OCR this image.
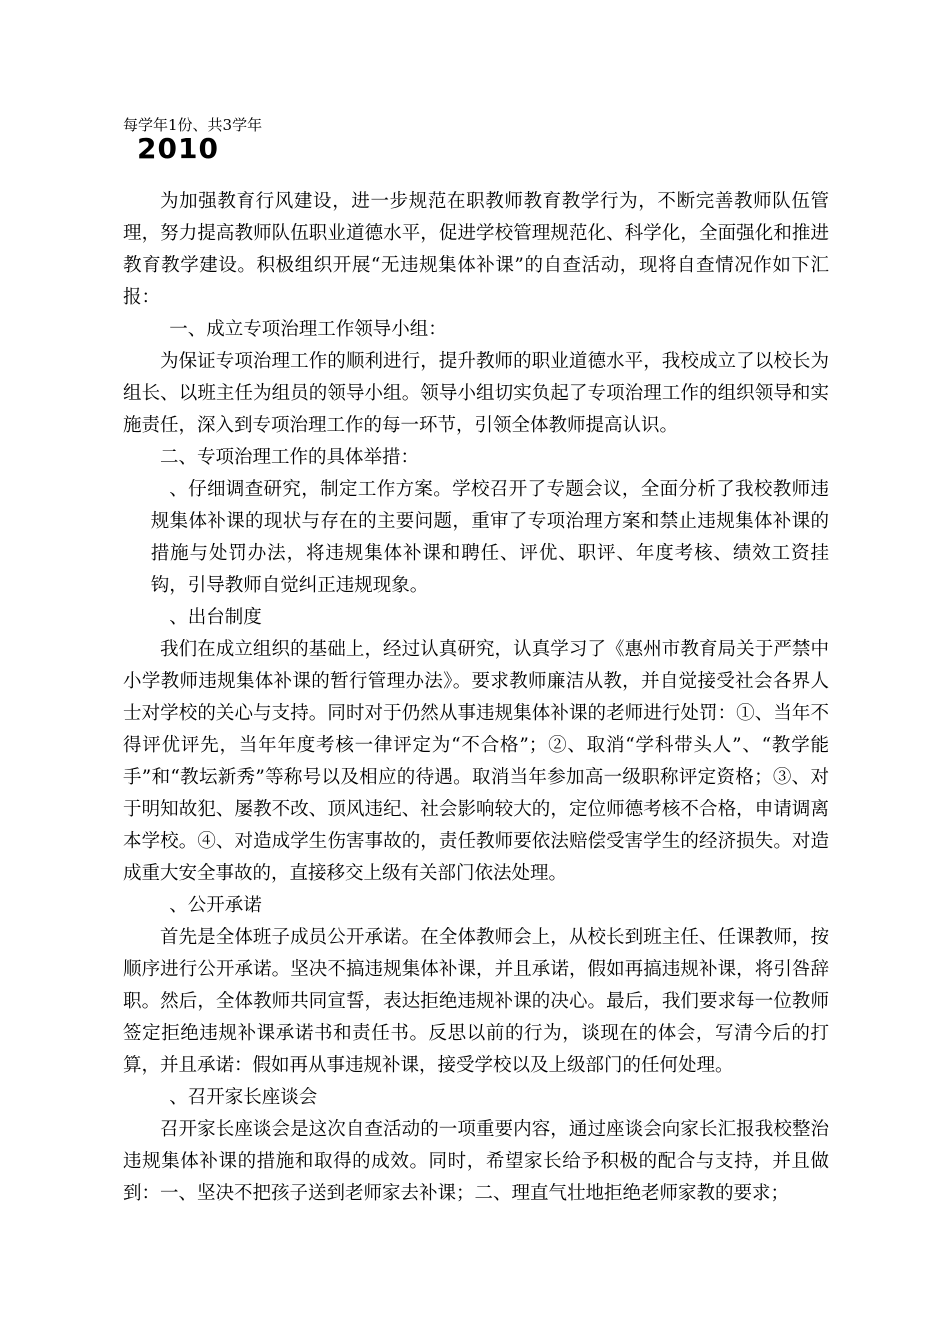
每学年1份、共3学年
2010

为加强教育行风建设，进一步规范在职教师教育教学行为，不断完善教师队伍管理，努力提高教师队伍职业道德水平，促进学校管理规范化、科学化，全面强化和推进教育教学建设。积极组织开展“无违规集体补课”的自查活动，现将自查情况作如下汇报：

一、成立专项治理工作领导小组：

为保证专项治理工作的顺利进行，提升教师的职业道德水平，我校成立了以校长为组长、以班主任为组员的领导小组。领导小组切实负起了专项治理工作的组织领导和实施责任，深入到专项治理工作的每一环节，引领全体教师提高认识。

二、专项治理工作的具体举措：

、仔细调查研究，制定工作方案。学校召开了专题会议，全面分析了我校教师违规集体补课的现状与存在的主要问题，重审了专项治理方案和禁止违规集体补课的措施与处罚办法，将违规集体补课和聘任、评优、职评、年度考核、绩效工资挂钩，引导教师自觉纠正违规现象。

、出台制度

我们在成立组织的基础上，经过认真研究，认真学习了《惠州市教育局关于严禁中小学教师违规集体补课的暂行管理办法》。要求教师廉洁从教，并自觉接受社会各界人士对学校的关心与支持。同时对于仍然从事违规集体补课的老师进行处罚：①、当年不得评优评先，当年年度考核一律评定为“不合格”；②、取消“学科带头人”、“教学能手”和“教坛新秀”等称号以及相应的待遇。取消当年参加高一级职称评定资格；③、对于明知故犯、屡教不改、顶风违纪、社会影响较大的，定位师德考核不合格，申请调离本学校。④、对造成学生伤害事故的，责任教师要依法赔偿受害学生的经济损失。对造成重大安全事故的，直接移交上级有关部门依法处理。

、公开承诺

首先是全体班子成员公开承诺。在全体教师会上，从校长到班主任、任课教师，按顺序进行公开承诺。坚决不搞违规集体补课，并且承诺，假如再搞违规补课，将引咎辞职。然后，全体教师共同宣誓，表达拒绝违规补课的决心。最后，我们要求每一位教师签定拒绝违规补课承诺书和责任书。反思以前的行为，谈现在的体会，写清今后的打算，并且承诺：假如再从事违规补课，接受学校以及上级部门的任何处理。

、召开家长座谈会

召开家长座谈会是这次自查活动的一项重要内容，通过座谈会向家长汇报我校整治违规集体补课的措施和取得的成效。同时，希望家长给予积极的配合与支持，并且做到：一、坚决不把孩子送到老师家去补课；二、理直气壮地拒绝老师家教的要求；
